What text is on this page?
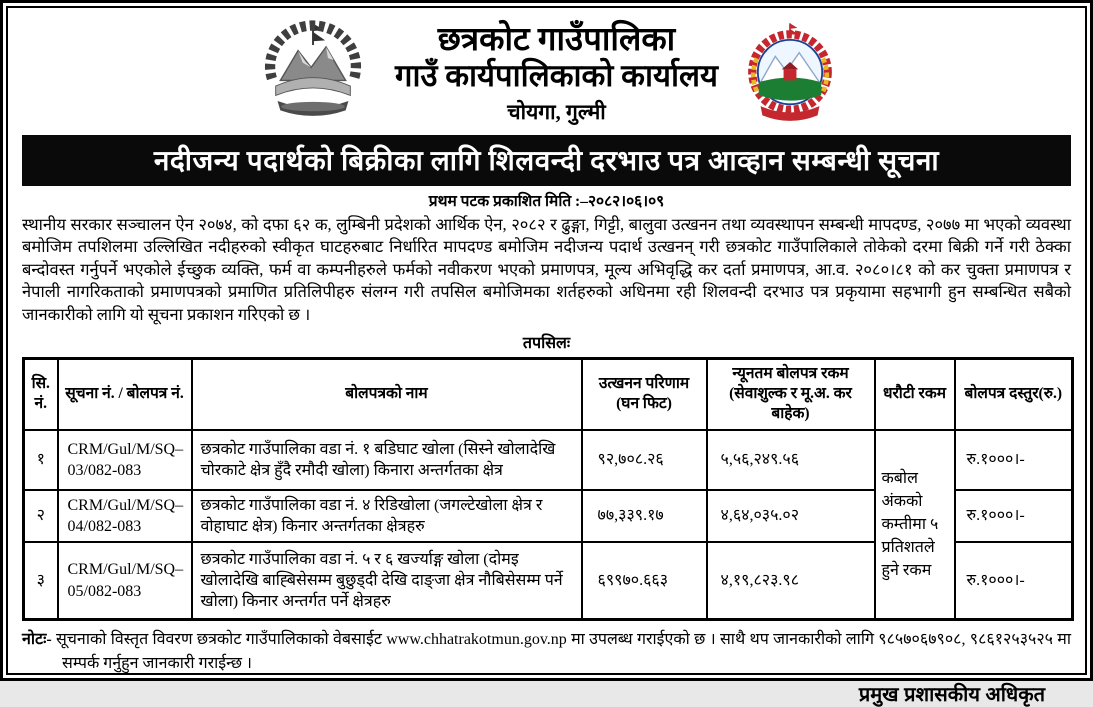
छत्रकोट गाउँपालिका
गाउँ कार्यपालिकाको कार्यालय
चोयगा, गुल्मी
नदीजन्य पदार्थको बिक्रीका लागि शिलवन्दी दरभाउ पत्र आव्हान सम्बन्धी सूचना
प्रथम पटक प्रकाशित मिति :–२०८२।०६।०९
स्थानीय सरकार सञ्चालन ऐन २०७४, को दफा ६२ क, लुम्बिनी प्रदेशको आर्थिक ऐन, २०८२ र ढुङ्गा, गिट्टी, बालुवा उत्खनन तथा व्यवस्थापन सम्बन्धी मापदण्ड, २०७७ मा भएको व्यवस्था बमोजिम तपशिलमा उल्लिखित नदीहरुको स्वीकृत घाटहरुबाट निर्धारित मापदण्ड बमोजिम नदीजन्य पदार्थ उत्खनन् गरी छत्रकोट गाउँपालिकाले तोकेको दरमा बिक्री गर्ने गरी ठेक्का बन्दोवस्त गर्नुपर्ने भएकोले ईच्छुक व्यक्ति, फर्म वा कम्पनीहरुले फर्मको नवीकरण भएको प्रमाणपत्र, मूल्य अभिवृद्धि कर दर्ता प्रमाणपत्र, आ.व. २०८०।८१ को कर चुक्ता प्रमाणपत्र र नेपाली नागरिकताको प्रमाणपत्रको प्रमाणित प्रतिलिपीहरु संलग्न गरी तपसिल बमोजिमका शर्तहरुको अधिनमा रही शिलवन्दी दरभाउ पत्र प्रकृयामा सहभागी हुन सम्बन्धित सबैको जानकारीको लागि यो सूचना प्रकाशन गरिएको छ ।
तपसिलः
सि. नं.	सूचना नं. / बोलपत्र नं.	बोलपत्रको नाम	उत्खनन परिणाम (घन फिट)	न्यूनतम बोलपत्र रकम (सेवाशुल्क र मू.अ. कर बाहेक)	धरौटी रकम	बोलपत्र दस्तुर(रु.)
१	CRM/Gul/M/SQ–03/082-083	छत्रकोट गाउँपालिका वडा नं. १ बडिघाट खोला (सिस्ने खोलादेखि चोरकाटे क्षेत्र हुँदै रमौदी खोला) किनारा अन्तर्गतका क्षेत्र	९२,७०८.२६	५,५६,२४९.५६	कबोल अंकको कम्तीमा ५ प्रतिशतले हुने रकम	रु.१०००।-
२	CRM/Gul/M/SQ–04/082-083	छत्रकोट गाउँपालिका वडा नं. ४ रिडिखोला (जगल्टेखोला क्षेत्र र वोहाघाट क्षेत्र) किनार अन्तर्गतका क्षेत्रहरु	७७,३३९.१७	४,६४,०३५.०२		रु.१०००।-
३	CRM/Gul/M/SQ–05/082-083	छत्रकोट गाउँपालिका वडा नं. ५ र ६ खर्ज्याङ्ग खोला (दोमइ खोलादेखि बाह्बिसेसम्म बुछुड्दी देखि दाङ्जा क्षेत्र नौबिसेसम्म पर्ने खोला) किनार अन्तर्गत पर्ने क्षेत्रहरु	६९९७०.६६३	४,१९,८२३.९८		रु.१०००।-
नोटः- सूचनाको विस्तृत विवरण छत्रकोट गाउँपालिकाको वेबसाईट www.chhatrakotmun.gov.np मा उपलब्ध गराईएको छ । साथै थप जानकारीको लागि ९८५७०६७९०८, ९८६१२५३५२५ मा सम्पर्क गर्नुहुन जानकारी गराईन्छ ।
प्रमुख प्रशासकीय अधिकृत
